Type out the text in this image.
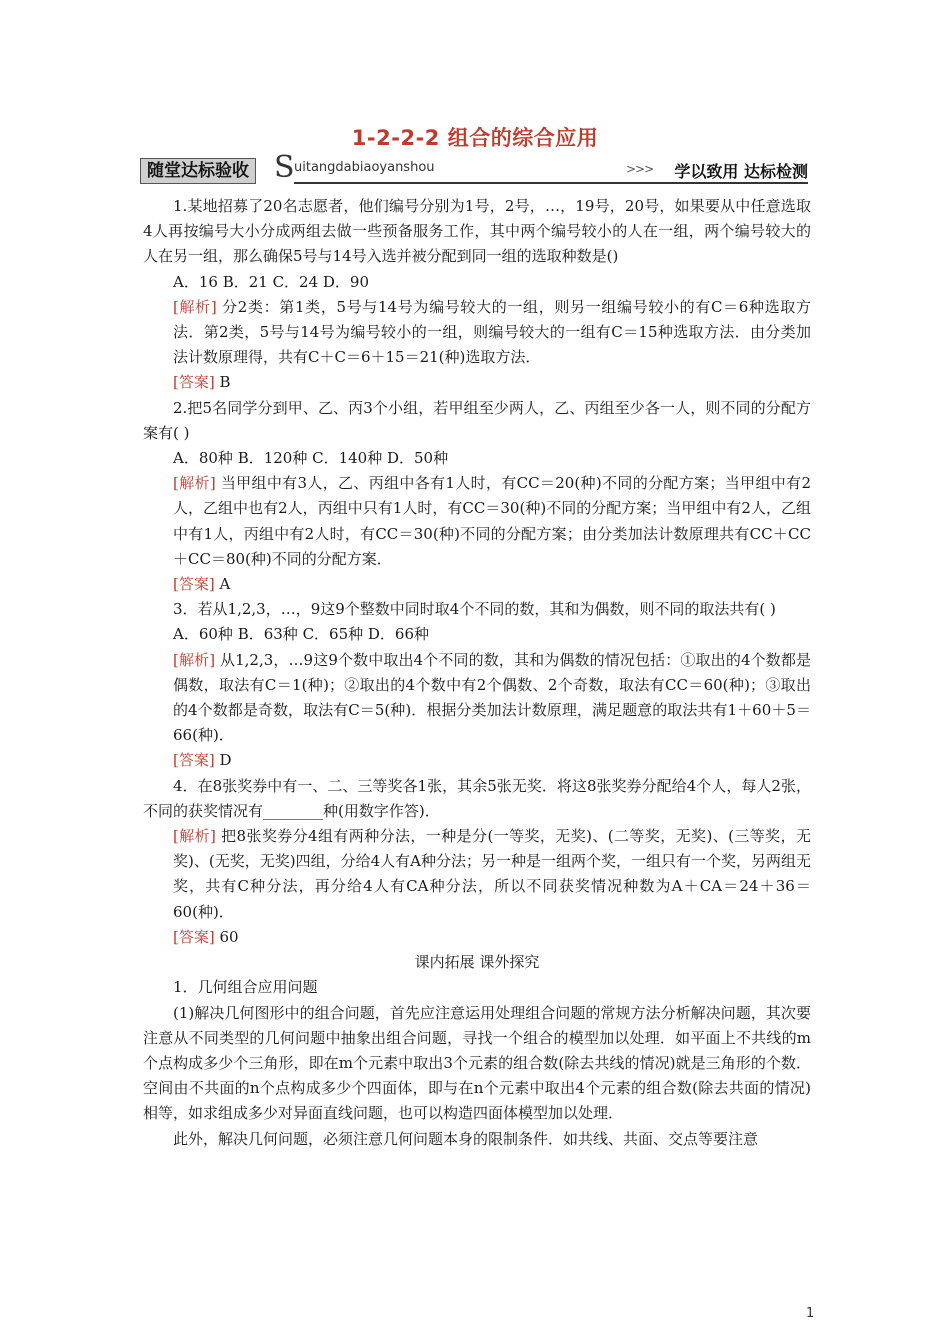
1-2-2-2 组合的综合应用
随堂达标验收 S uitangdabiaoyanshou	>>> 学以致用 达标检测

1.某地招募了20名志愿者，他们编号分别为1号，2号，…，19号，20号，如果要从中任意选取4人再按编号大小分成两组去做一些预备服务工作，其中两个编号较小的人在一组，两个编号较大的人在另一组，那么确保5号与14号入选并被分配到同一组的选取种数是()

A．16 B．21 C．24 D．90

[解析] 分2类：第1类，5号与14号为编号较大的一组，则另一组编号较小的有C＝6种选取方法．第2类，5号与14号为编号较小的一组，则编号较大的一组有C＝15种选取方法．由分类加法计数原理得，共有C＋C＝6＋15＝21(种)选取方法．

[答案] B

2.把5名同学分到甲、乙、丙3个小组，若甲组至少两人，乙、丙组至少各一人，则不同的分配方案有( )

A．80种 B．120种 C．140种 D．50种

[解析] 当甲组中有3人，乙、丙组中各有1人时，有CC＝20(种)不同的分配方案；当甲组中有2人，乙组中也有2人，丙组中只有1人时，有CC＝30(种)不同的分配方案；当甲组中有2人，乙组中有1人，丙组中有2人时，有CC＝30(种)不同的分配方案；由分类加法计数原理共有CC＋CC＋CC＝80(种)不同的分配方案．

[答案] A

3．若从1,2,3，…，9这9个整数中同时取4个不同的数，其和为偶数，则不同的取法共有( )

A．60种 B．63种 C．65种 D．66种

[解析] 从1,2,3，…9这9个数中取出4个不同的数，其和为偶数的情况包括：①取出的4个数都是偶数，取法有C＝1(种)；②取出的4个数中有2个偶数、2个奇数，取法有CC＝60(种)；③取出的4个数都是奇数，取法有C＝5(种)．根据分类加法计数原理，满足题意的取法共有1＋60＋5＝66(种)．

[答案] D

4．在8张奖券中有一、二、三等奖各1张，其余5张无奖．将这8张奖券分配给4个人，每人2张，不同的获奖情况有________种(用数字作答)．

[解析] 把8张奖券分4组有两种分法，一种是分(一等奖，无奖)、(二等奖，无奖)、(三等奖，无奖)、(无奖，无奖)四组，分给4人有A种分法；另一种是一组两个奖，一组只有一个奖，另两组无奖，共有C种分法，再分给4人有CA种分法，所以不同获奖情况种数为A＋CA＝24＋36＝60(种)．

[答案] 60

课内拓展 课外探究

1．几何组合应用问题

(1)解决几何图形中的组合问题，首先应注意运用处理组合问题的常规方法分析解决问题，其次要注意从不同类型的几何问题中抽象出组合问题，寻找一个组合的模型加以处理．如平面上不共线的m个点构成多少个三角形，即在m个元素中取出3个元素的组合数(除去共线的情况)就是三角形的个数．空间由不共面的n个点构成多少个四面体，即与在n个元素中取出4个元素的组合数(除去共面的情况)相等，如求组成多少对异面直线问题，也可以构造四面体模型加以处理．

此外，解决几何问题，必须注意几何问题本身的限制条件．如共线、共面、交点等要注意

1
